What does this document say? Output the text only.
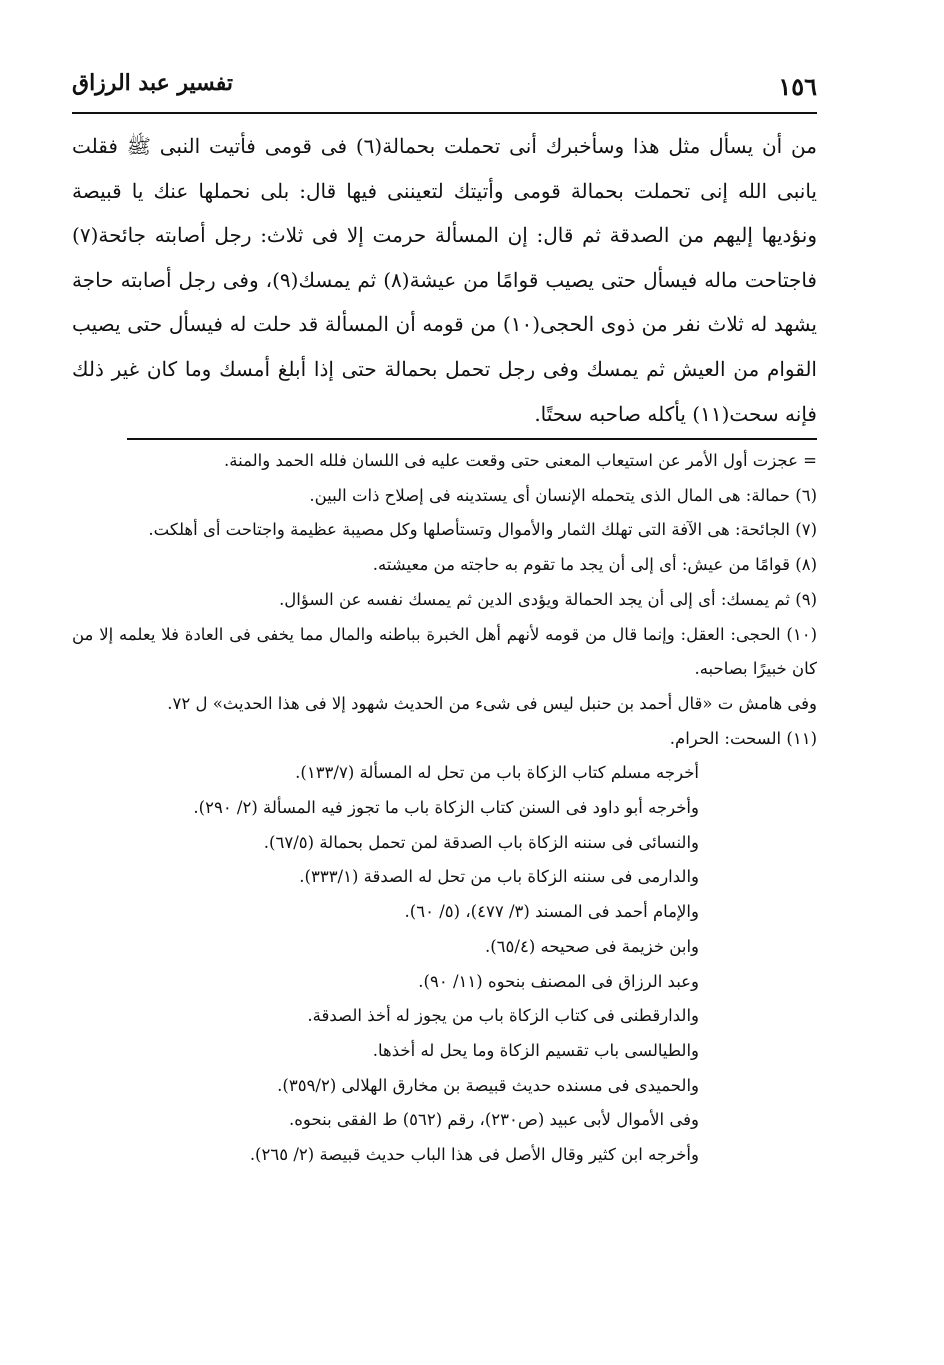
١٥٦
تفسير عبد الرزاق

من أن يسأل مثل هذا وسأخبرك أنى تحملت بحمالة(٦) فى قومى فأتيت النبى ﷺ فقلت يانبى الله إنى تحملت بحمالة قومى وأتيتك لتعيننى فيها قال: بلى نحملها عنك يا قبيصة ونؤديها إليهم من الصدقة ثم قال: إن المسألة حرمت إلا فى ثلاث: رجل أصابته جائحة(٧) فاجتاحت ماله فيسأل حتى يصيب قوامًا من عيشة(٨) ثم يمسك(٩)، وفى رجل أصابته حاجة يشهد له ثلاث نفر من ذوى الحجى(١٠) من قومه أن المسألة قد حلت له فيسأل حتى يصيب القوام من العيش ثم يمسك وفى رجل تحمل بحمالة حتى إذا أبلغ أمسك وما كان غير ذلك فإنه سحت(١١) يأكله صاحبه سحتًا.

= عجزت أول الأمر عن استيعاب المعنى حتى وقعت عليه فى اللسان فلله الحمد والمنة.

(٦) حمالة: هى المال الذى يتحمله الإنسان أى يستدينه فى إصلاح ذات البين.

(٧) الجائحة: هى الآفة التى تهلك الثمار والأموال وتستأصلها وكل مصيبة عظيمة واجتاحت أى أهلكت.

(٨) قوامًا من عيش: أى إلى أن يجد ما تقوم به حاجته من معيشته.

(٩) ثم يمسك: أى إلى أن يجد الحمالة ويؤدى الدين ثم يمسك نفسه عن السؤال.

(١٠) الحجى: العقل: وإنما قال من قومه لأنهم أهل الخبرة بباطنه والمال مما يخفى فى العادة فلا يعلمه إلا من كان خبيرًا بصاحبه.

وفى هامش ت «قال أحمد بن حنبل ليس فى شىء من الحديث شهود إلا فى هذا الحديث» ل ٧٢.

(١١) السحت: الحرام.

أخرجه مسلم كتاب الزكاة باب من تحل له المسألة (١٣٣/٧).

وأخرجه أبو داود فى السنن كتاب الزكاة باب ما تجوز فيه المسألة (٢/ ٢٩٠).

والنسائى فى سننه الزكاة باب الصدقة لمن تحمل بحمالة (٦٧/٥).

والدارمى فى سننه الزكاة باب من تحل له الصدقة (٣٣٣/١).

والإمام أحمد فى المسند (٣/ ٤٧٧)، (٥/ ٦٠).

وابن خزيمة فى صحيحه (٦٥/٤).

وعبد الرزاق فى المصنف بنحوه (١١/ ٩٠).

والدارقطنى فى كتاب الزكاة باب من يجوز له أخذ الصدقة.

والطيالسى باب تقسيم الزكاة وما يحل له أخذها.

والحميدى فى مسنده حديث قبيصة بن مخارق الهلالى (٣٥٩/٢).

وفى الأموال لأبى عبيد (ص٢٣٠)، رقم (٥٦٢) ط الفقى بنحوه.

وأخرجه ابن كثير وقال الأصل فى هذا الباب حديث قبيصة (٢/ ٢٦٥).
